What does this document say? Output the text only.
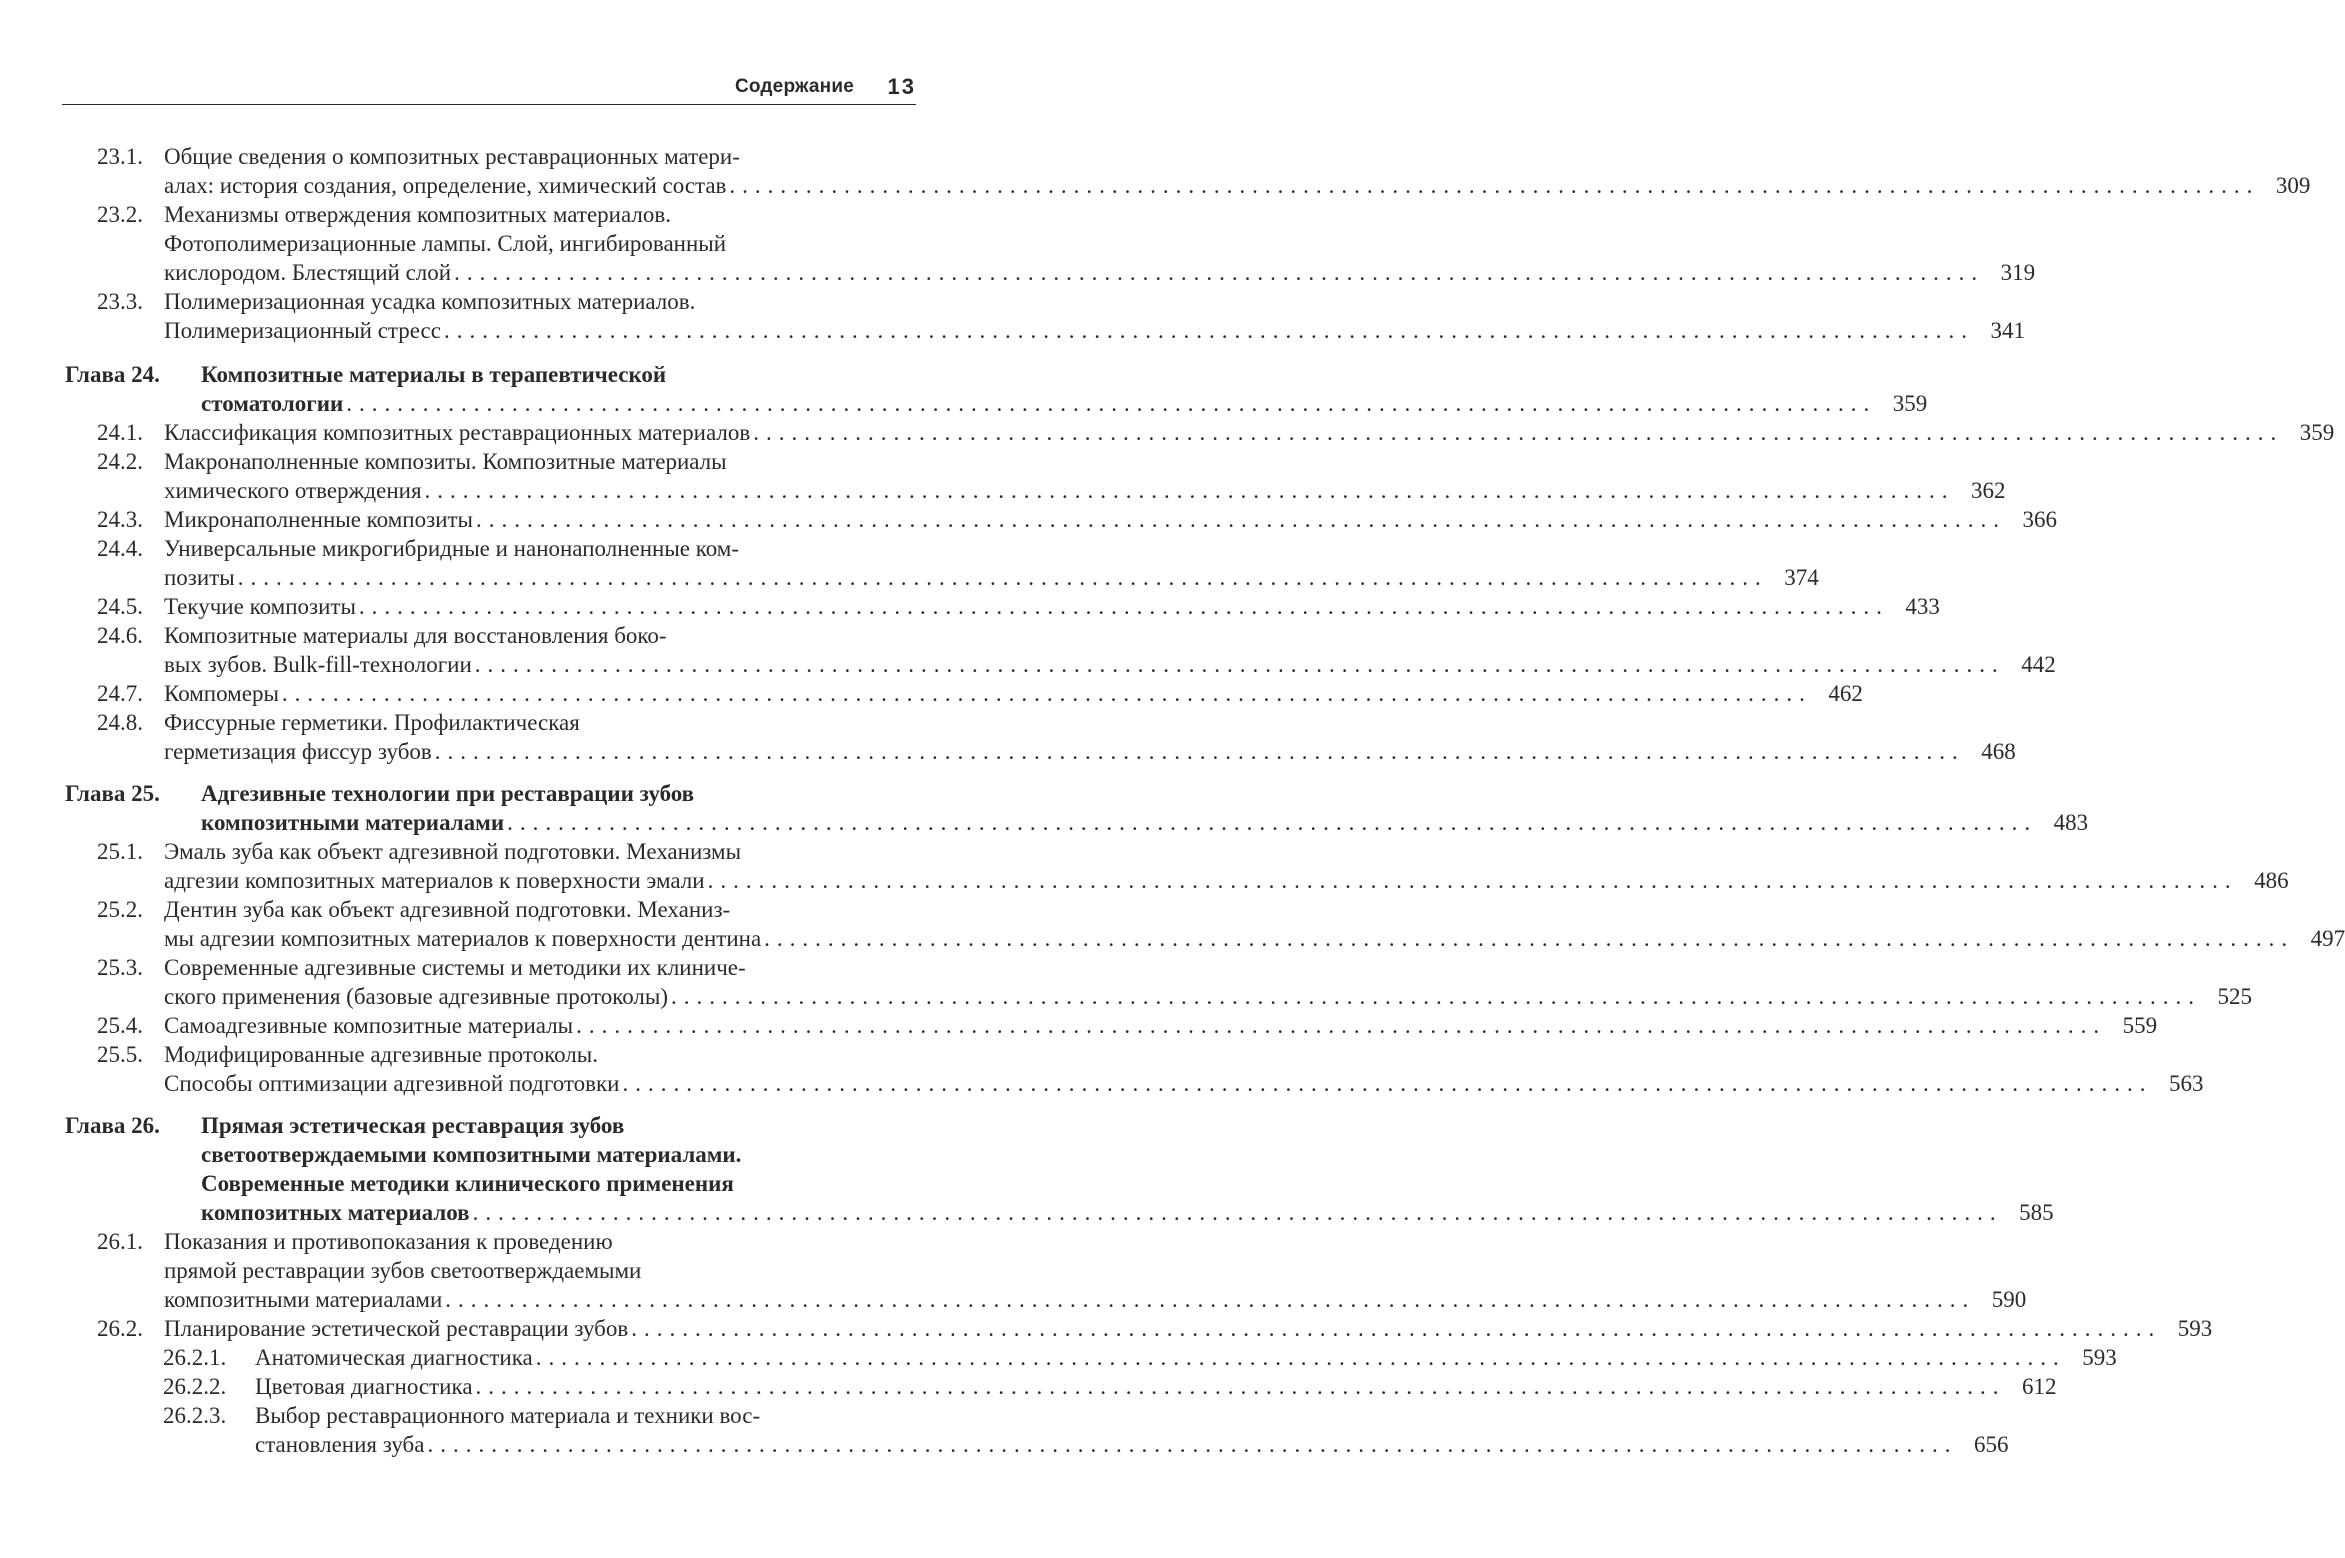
Содержание 13
23.1. Общие сведения о композитных реставрационных матери-
алах: история создания, определение, химический состав ........................................................................................................................ 309
23.2. Механизмы отверждения композитных материалов.
Фотополимеризационные лампы. Слой, ингибированный
кислородом. Блестящий слой ........................................................................................................................ 319
23.3. Полимеризационная усадка композитных материалов.
Полимеризационный стресс ........................................................................................................................ 341
Глава 24. Композитные материалы в терапевтической
стоматологии ........................................................................................................................ 359
24.1. Классификация композитных реставрационных материалов ........................................................................................................................ 359
24.2. Макронаполненные композиты. Композитные материалы
химического отверждения ........................................................................................................................ 362
24.3. Микронаполненные композиты ........................................................................................................................ 366
24.4. Универсальные микрогибридные и нанонаполненные ком-
позиты ........................................................................................................................ 374
24.5. Текучие композиты ........................................................................................................................ 433
24.6. Композитные материалы для восстановления боко-
вых зубов. Bulk-fill-технологии ........................................................................................................................ 442
24.7. Компомеры ........................................................................................................................ 462
24.8. Фиссурные герметики. Профилактическая
герметизация фиссур зубов ........................................................................................................................ 468
Глава 25. Адгезивные технологии при реставрации зубов
композитными материалами ........................................................................................................................ 483
25.1. Эмаль зуба как объект адгезивной подготовки. Механизмы
адгезии композитных материалов к поверхности эмали ........................................................................................................................ 486
25.2. Дентин зуба как объект адгезивной подготовки. Механиз-
мы адгезии композитных материалов к поверхности дентина ........................................................................................................................ 497
25.3. Современные адгезивные системы и методики их клиниче-
ского применения (базовые адгезивные протоколы) ........................................................................................................................ 525
25.4. Самоадгезивные композитные материалы ........................................................................................................................ 559
25.5. Модифицированные адгезивные протоколы.
Способы оптимизации адгезивной подготовки ........................................................................................................................ 563
Глава 26. Прямая эстетическая реставрация зубов
светоотверждаемыми композитными материалами.
Современные методики клинического применения
композитных материалов ........................................................................................................................ 585
26.1. Показания и противопоказания к проведению
прямой реставрации зубов светоотверждаемыми
композитными материалами ........................................................................................................................ 590
26.2. Планирование эстетической реставрации зубов ........................................................................................................................ 593
26.2.1. Анатомическая диагностика ........................................................................................................................ 593
26.2.2. Цветовая диагностика ........................................................................................................................ 612
26.2.3. Выбор реставрационного материала и техники вос-
становления зуба ........................................................................................................................ 656
